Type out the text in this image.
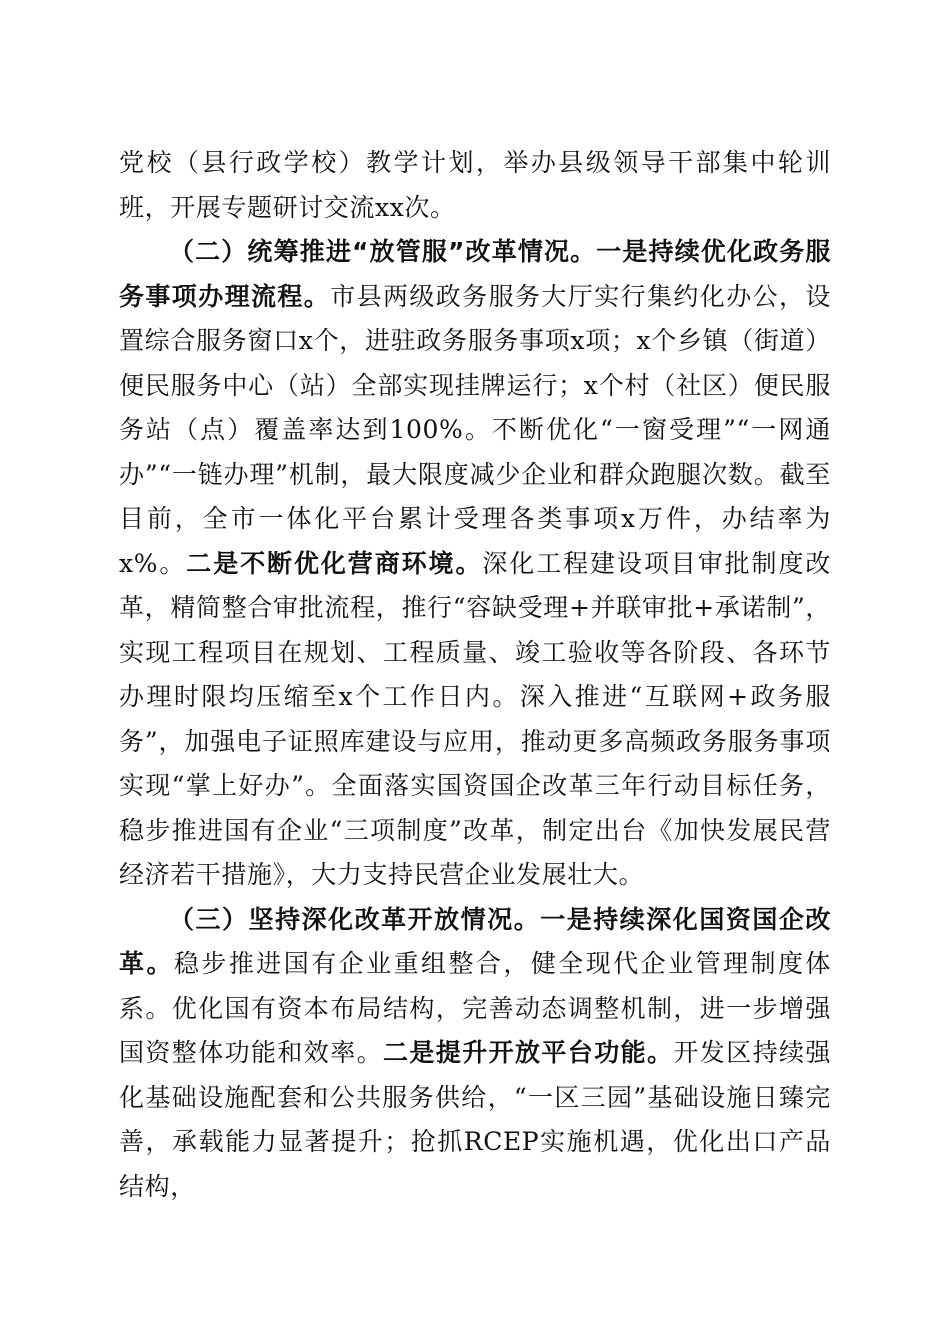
党校（县行政学校）教学计划，举办县级领导干部集中轮训班，开展专题研讨交流xx次。

（二）统筹推进“放管服”改革情况。一是持续优化政务服务事项办理流程。市县两级政务服务大厅实行集约化办公，设置综合服务窗口x个，进驻政务服务事项x项；x个乡镇（街道）便民服务中心（站）全部实现挂牌运行；x个村（社区）便民服务站（点）覆盖率达到100%。不断优化“一窗受理”“一网通办”“一链办理”机制，最大限度减少企业和群众跑腿次数。截至目前，全市一体化平台累计受理各类事项x万件，办结率为x%。二是不断优化营商环境。深化工程建设项目审批制度改革，精简整合审批流程，推行“容缺受理+并联审批+承诺制”，实现工程项目在规划、工程质量、竣工验收等各阶段、各环节办理时限均压缩至x个工作日内。深入推进“互联网+政务服务”，加强电子证照库建设与应用，推动更多高频政务服务事项实现“掌上好办”。全面落实国资国企改革三年行动目标任务，稳步推进国有企业“三项制度”改革，制定出台《加快发展民营经济若干措施》，大力支持民营企业发展壮大。

（三）坚持深化改革开放情况。一是持续深化国资国企改革。稳步推进国有企业重组整合，健全现代企业管理制度体系。优化国有资本布局结构，完善动态调整机制，进一步增强国资整体功能和效率。二是提升开放平台功能。开发区持续强化基础设施配套和公共服务供给，“一区三园”基础设施日臻完善，承载能力显著提升；抢抓RCEP实施机遇，优化出口产品结构，
